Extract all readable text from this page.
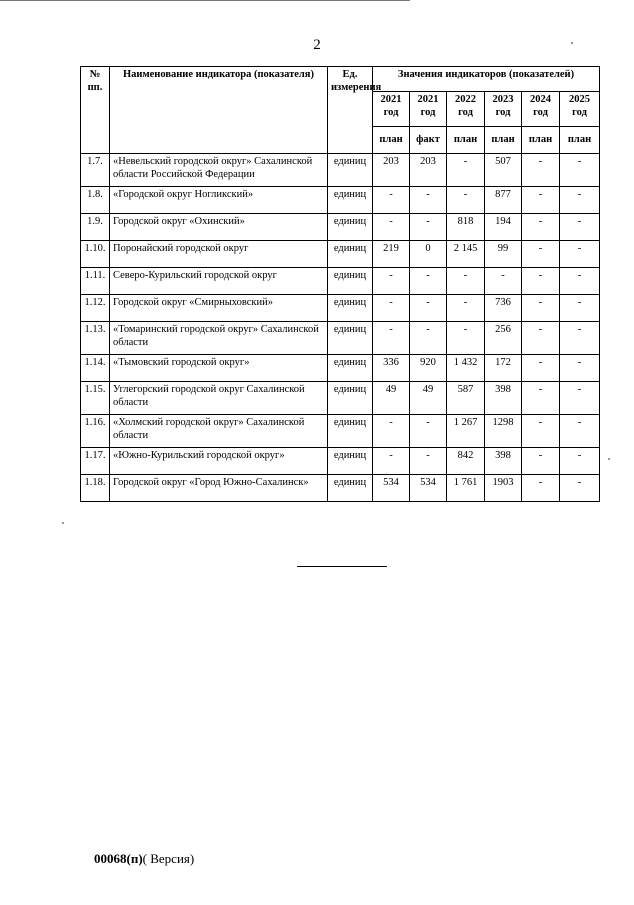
2
№ пп.	Наименование индикатора (показателя)	Ед. измерения	Значения индикаторов (показателей)					
			2021 год	2021 год	2022 год	2023 год	2024 год	2025 год
			план	факт	план	план	план	план
1.7.	«Невельский городской округ» Сахалинской области Российской Федерации	единиц	203	203	-	507	-	-
1.8.	«Городской округ Ногликский»	единиц	-	-	-	877	-	-
1.9.	Городской округ «Охинский»	единиц	-	-	818	194	-	-
1.10.	Поронайский городской округ	единиц	219	0	2 145	99	-	-
1.11.	Северо-Курильский городской округ	единиц	-	-	-	-	-	-
1.12.	Городской округ «Смирныховский»	единиц	-	-	-	736	-	-
1.13.	«Томаринский городской округ» Сахалинской области	единиц	-	-	-	256	-	-
1.14.	«Тымовский городской округ»	единиц	336	920	1 432	172	-	-
1.15.	Углегорский городской округ Сахалинской области	единиц	49	49	587	398	-	-
1.16.	«Холмский городской округ» Сахалинской области	единиц	-	-	1 267	1298	-	-
1.17.	«Южно-Курильский городской округ»	единиц	-	-	842	398	-	-
1.18.	Городской округ «Город Южно-Сахалинск»	единиц	534	534	1 761	1903	-	-
00068(п)( Версия)
